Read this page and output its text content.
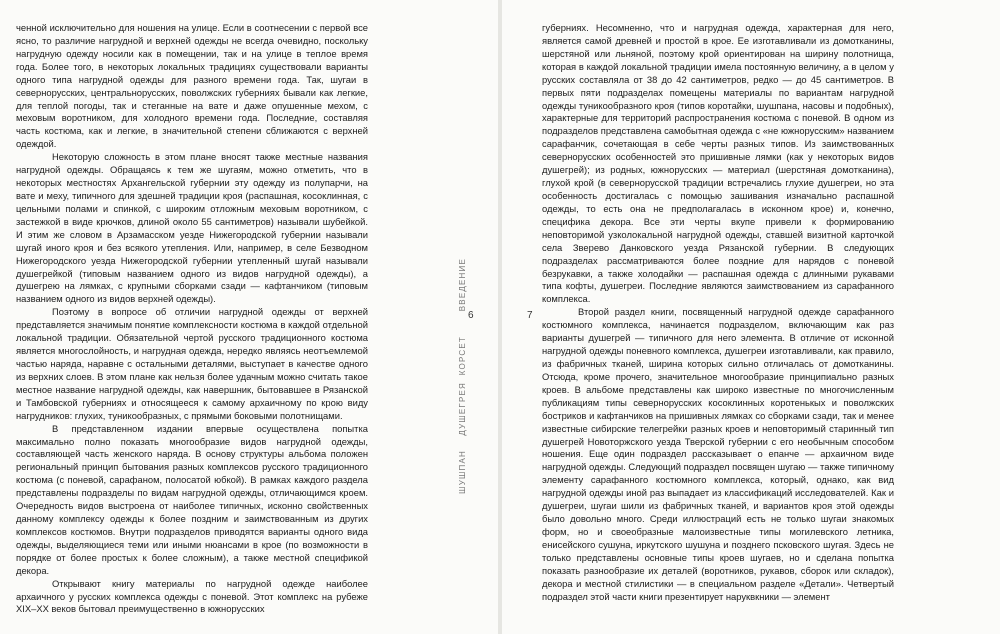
ченной исключительно для ношения на улице. Если в соотнесении с первой все ясно, то различие нагрудной и верхней одежды не всегда очевидно, поскольку нагрудную одежду носили как в помещении, так и на улице в теплое время года. Более того, в некоторых локальных традициях существовали варианты одного типа нагрудной одежды для разного времени года. Так, шугаи в севернорусских, центральнорусских, поволжских губерниях бывали как легкие, для теплой погоды, так и стеганные на вате и даже опушенные мехом, с меховым воротником, для холодного времени года. Последние, составляя часть костюма, как и легкие, в значительной степени сближаются с верхней одеждой.

Некоторую сложность в этом плане вносят также местные названия нагрудной одежды. Обращаясь к тем же шугаям, можно отметить, что в некоторых местностях Архангельской губернии эту одежду из полупарчи, на вате и меху, типичного для здешней традиции кроя (распашная, косоклинная, с цельными полами и спинкой, с широким отложным меховым воротником, с застежкой в виде крючков, длиной около 55 сантиметров) называли шубейкой. И этим же словом в Арзамасском уезде Нижегородской губернии называли шугай иного кроя и без всякого утепления. Или, например, в селе Безводном Нижегородского уезда Нижегородской губернии утепленный шугай называли душегрейкой (типовым названием одного из видов нагрудной одежды), а душегрею на лямках, с крупными сборками сзади — кафтанчиком (типовым названием одного из видов верхней одежды).

Поэтому в вопросе об отличии нагрудной одежды от верхней представляется значимым понятие комплексности костюма в каждой отдельной локальной традиции. Обязательной чертой русского традиционного костюма является многослойность, и нагрудная одежда, нередко являясь неотъемлемой частью наряда, наравне с остальными деталями, выступает в качестве одного из верхних слоев. В этом плане как нельзя более удачным можно считать такое местное название нагрудной одежды, как навершник, бытовавшее в Рязанской и Тамбовской губерниях и относящееся к самому архаичному по крою виду нагрудников: глухих, туникообразных, с прямыми боковыми полотнищами.

В представленном издании впервые осуществлена попытка максимально полно показать многообразие видов нагрудной одежды, составляющей часть женского наряда. В основу структуры альбома положен региональный принцип бытования разных комплексов русского традиционного костюма (с поневой, сарафаном, полосатой юбкой). В рамках каждого раздела представлены подразделы по видам нагрудной одежды, отличающимся кроем. Очередность видов выстроена от наиболее типичных, исконно свойственных данному комплексу одежды к более поздним и заимствованным из других комплексов костюмов. Внутри подразделов приводятся варианты одного вида одежды, выделяющиеся теми или иными нюансами в крое (по возможности в порядке от более простых к более сложным), а также местной спецификой декора.

Открывают книгу материалы по нагрудной одежде наиболее архаичного у русских комплекса одежды с поневой. Этот комплекс на рубеже XIX–XX веков бытовал преимущественно в южнорусских

ВВЕДЕНИЕ
КОРСЕТ
ДУШЕГРЕЯ
ШУШПАН
6	7

губерниях. Несомненно, что и нагрудная одежда, характерная для него, является самой древней и простой в крое. Ее изготавливали из домотканины, шерстяной или льняной, поэтому крой ориентирован на ширину полотнища, которая в каждой локальной традиции имела постоянную величину, а в целом у русских составляла от 38 до 42 сантиметров, редко — до 45 сантиметров. В первых пяти подразделах помещены материалы по вариантам нагрудной одежды туникообразного кроя (типов коротайки, шушпана, насовы и подобных), характерные для территорий распространения костюма с поневой. В одном из подразделов представлена самобытная одежда с «не южнорусским» названием сарафанчик, сочетающая в себе черты разных типов. Из заимствованных севернорусских особенностей это пришивные лямки (как у некоторых видов душегрей); из родных, южнорусских — материал (шерстяная домотканина), глухой крой (в севернорусской традиции встречались глухие душегреи, но эта особенность достигалась с помощью зашивания изначально распашной одежды, то есть она не предполагалась в исконном крое) и, конечно, специфика декора. Все эти черты вкупе привели к формированию неповторимой узколокальной нагрудной одежды, ставшей визитной карточкой села Зверево Данковского уезда Рязанской губернии. В следующих подразделах рассматриваются более поздние для нарядов с поневой безрукавки, а также холодайки — распашная одежда с длинными рукавами типа кофты, душегреи. Последние являются заимствованием из сарафанного комплекса.

Второй раздел книги, посвященный нагрудной одежде сарафанного костюмного комплекса, начинается подразделом, включающим как раз варианты душегрей — типичного для него элемента. В отличие от исконной нагрудной одежды поневного комплекса, душегреи изготавливали, как правило, из фабричных тканей, ширина которых сильно отличалась от домотканины. Отсюда, кроме прочего, значительное многообразие принципиально разных кроев. В альбоме представлены как широко известные по многочисленным публикациям типы севернорусских косоклинных коротенькых и поволжских бостриков и кафтанчиков на пришивных лямках со сборками сзади, так и менее известные сибирские телегрейки разных кроев и неповторимый старинный тип душегрей Новоторжского уезда Тверской губернии с его необычным способом ношения. Еще один подраздел рассказывает о епанче — архаичном виде нагрудной одежды. Следующий подраздел посвящен шугаю — также типичному элементу сарафанного костюмного комплекса, который, однако, как вид нагрудной одежды иной раз выпадает из классификаций исследователей. Как и душегреи, шугаи шили из фабричных тканей, и вариантов кроя этой одежды было довольно много. Среди иллюстраций есть не только шугаи знакомых форм, но и своеобразные малоизвестные типы могилевского летника, енисейского сушуна, иркутского шушуна и позднего псковского шугая. Здесь не только представлены основные типы кроев шугаев, но и сделана попытка показать разнообразие их деталей (воротников, рукавов, сборок или складок), декора и местной стилистики — в специальном разделе «Детали». Четвертый подраздел этой части книги презентирует наруквкники — элемент
